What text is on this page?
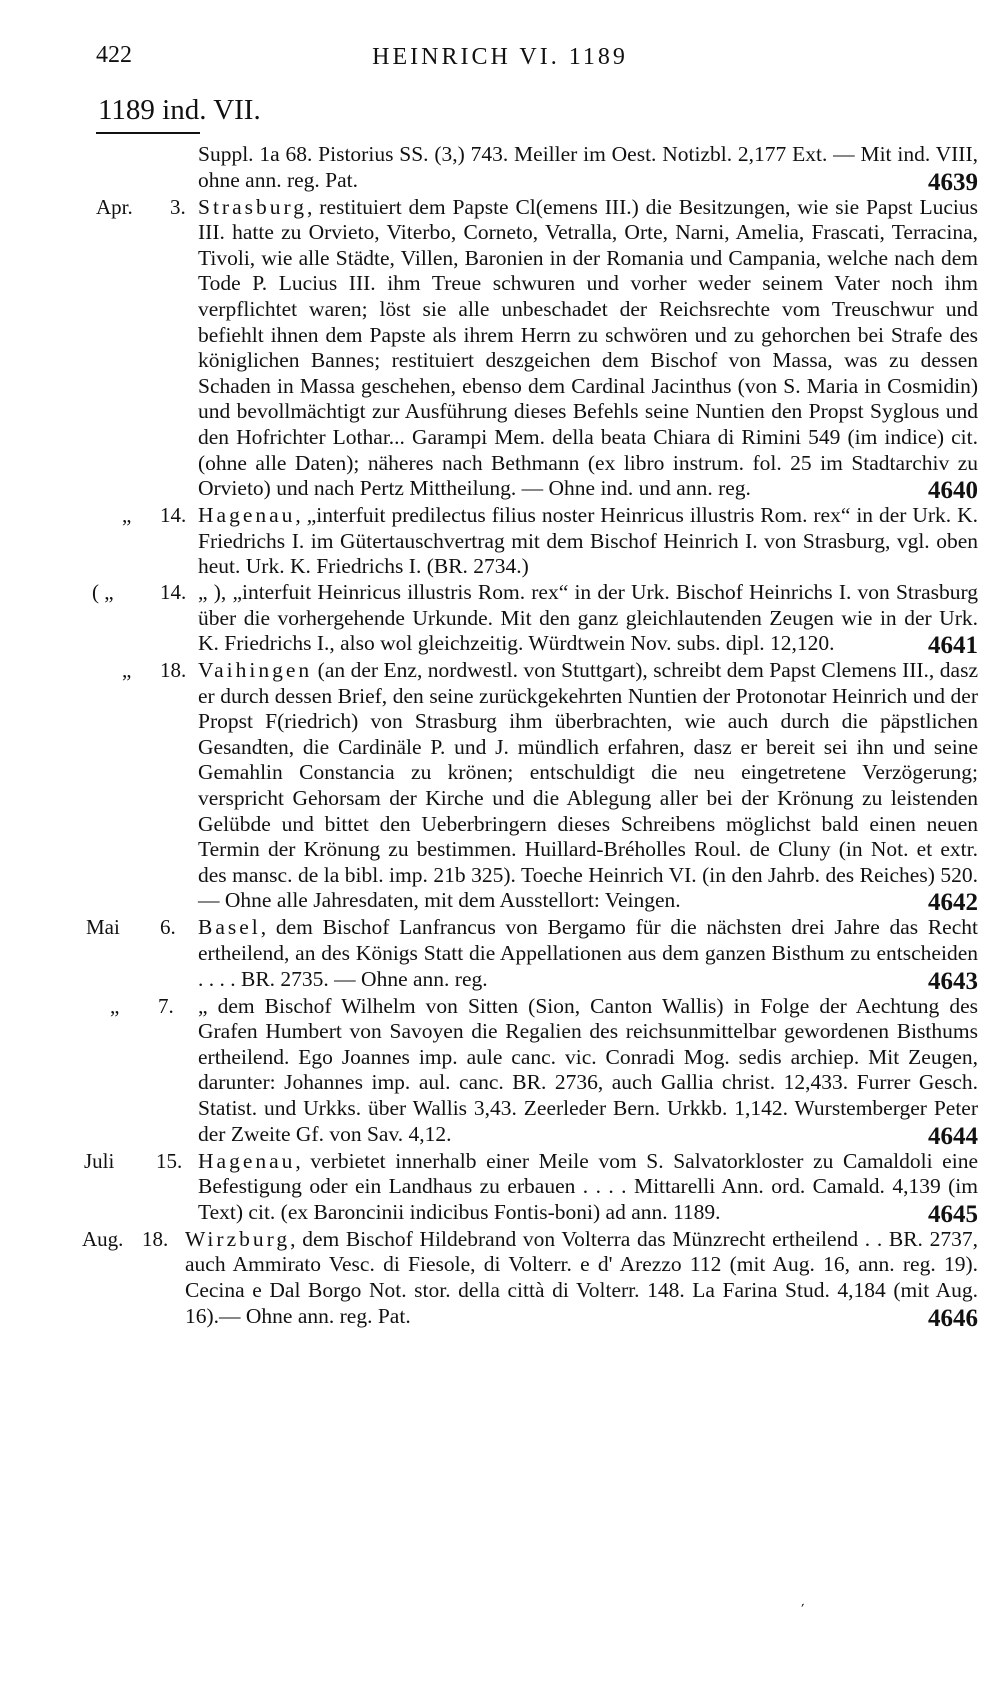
422	HEINRICH VI. 1189
1189 ind. VII.
Suppl. 1a 68. Pistorius SS. (3,) 743. Meiller im Oest. Notizbl. 2,177 Ext. — Mit ind. VIII, ohne ann. reg. Pat.	4639
Apr. 3. Strasburg, restituiert dem Papste Cl(emens III.) die Besitzungen, wie sie Papst Lucius III. hatte zu Orvieto, Viterbo, Corneto, Vetralla, Orte, Narni, Amelia, Frascati, Terracina, Tivoli, wie alle Städte, Villen, Baronien in der Romania und Campania, welche nach dem Tode P. Lucius III. ihm Treue schwuren und vorher weder seinem Vater noch ihm verpflichtet waren; löst sie alle unbeschadet der Reichsrechte vom Treuschwur und befiehlt ihnen dem Papste als ihrem Herrn zu schwören und zu gehorchen bei Strafe des königlichen Bannes; restituiert deszgeichen dem Bischof von Massa, was zu dessen Schaden in Massa geschehen, ebenso dem Cardinal Jacinthus (von S. Maria in Cosmidin) und bevollmächtigt zur Ausführung dieses Befehls seine Nuntien den Propst Syglous und den Hofrichter Lothar... Garampi Mem. della beata Chiara di Rimini 549 (im indice) cit. (ohne alle Daten); näheres nach Bethmann (ex libro instrum. fol. 25 im Stadtarchiv zu Orvieto) und nach Pertz Mittheilung. — Ohne ind. und ann. reg.	4640
„ 14. Hagenau, „interfuit predilectus filius noster Heinricus illustris Rom. rex“ in der Urk. K. Friedrichs I. im Gütertauschvertrag mit dem Bischof Heinrich I. von Strasburg, vgl. oben heut. Urk. K. Friedrichs I. (BR. 2734.)
( „ 14. „ ), „interfuit Heinricus illustris Rom. rex“ in der Urk. Bischof Heinrichs I. von Strasburg über die vorhergehende Urkunde. Mit den ganz gleichlautenden Zeugen wie in der Urk. K. Friedrichs I., also wol gleichzeitig. Würdtwein Nov. subs. dipl. 12,120.	4641
„ 18. Vaihingen (an der Enz, nordwestl. von Stuttgart), schreibt dem Papst Clemens III., dasz er durch dessen Brief, den seine zurückgekehrten Nuntien der Protonotar Heinrich und der Propst F(riedrich) von Strasburg ihm überbrachten, wie auch durch die päpstlichen Gesandten, die Cardinäle P. und J. mündlich erfahren, dasz er bereit sei ihn und seine Gemahlin Constancia zu krönen; entschuldigt die neu eingetretene Verzögerung; verspricht Gehorsam der Kirche und die Ablegung aller bei der Krönung zu leistenden Gelübde und bittet den Ueberbringern dieses Schreibens möglichst bald einen neuen Termin der Krönung zu bestimmen. Huillard-Bréholles Roul. de Cluny (in Not. et extr. des mansc. de la bibl. imp. 21b 325). Toeche Heinrich VI. (in den Jahrb. des Reiches) 520. — Ohne alle Jahresdaten, mit dem Ausstellort: Veingen.	4642
Mai 6. Basel, dem Bischof Lanfrancus von Bergamo für die nächsten drei Jahre das Recht ertheilend, an des Königs Statt die Appellationen aus dem ganzen Bisthum zu entscheiden . . . . BR. 2735. — Ohne ann. reg.	4643
„ 7. „ dem Bischof Wilhelm von Sitten (Sion, Canton Wallis) in Folge der Aechtung des Grafen Humbert von Savoyen die Regalien des reichsunmittelbar gewordenen Bisthums ertheilend. Ego Joannes imp. aule canc. vic. Conradi Mog. sedis archiep. Mit Zeugen, darunter: Johannes imp. aul. canc. BR. 2736, auch Gallia christ. 12,433. Furrer Gesch. Statist. und Urkks. über Wallis 3,43. Zeerleder Bern. Urkkb. 1,142. Wurstemberger Peter der Zweite Gf. von Sav. 4,12.	4644
Juli 15. Hagenau, verbietet innerhalb einer Meile vom S. Salvatorkloster zu Camaldoli eine Befestigung oder ein Landhaus zu erbauen . . . . Mittarelli Ann. ord. Camald. 4,139 (im Text) cit. (ex Baroncinii indicibus Fontis-boni) ad ann. 1189.	4645
Aug. 18. Wirzburg, dem Bischof Hildebrand von Volterra das Münzrecht ertheilend . . BR. 2737, auch Ammirato Vesc. di Fiesole, di Volterr. e d' Arezzo 112 (mit Aug. 16, ann. reg. 19). Cecina e Dal Borgo Not. stor. della città di Volterr. 148. La Farina Stud. 4,184 (mit Aug. 16).— Ohne ann. reg. Pat.	4646
ˊ
